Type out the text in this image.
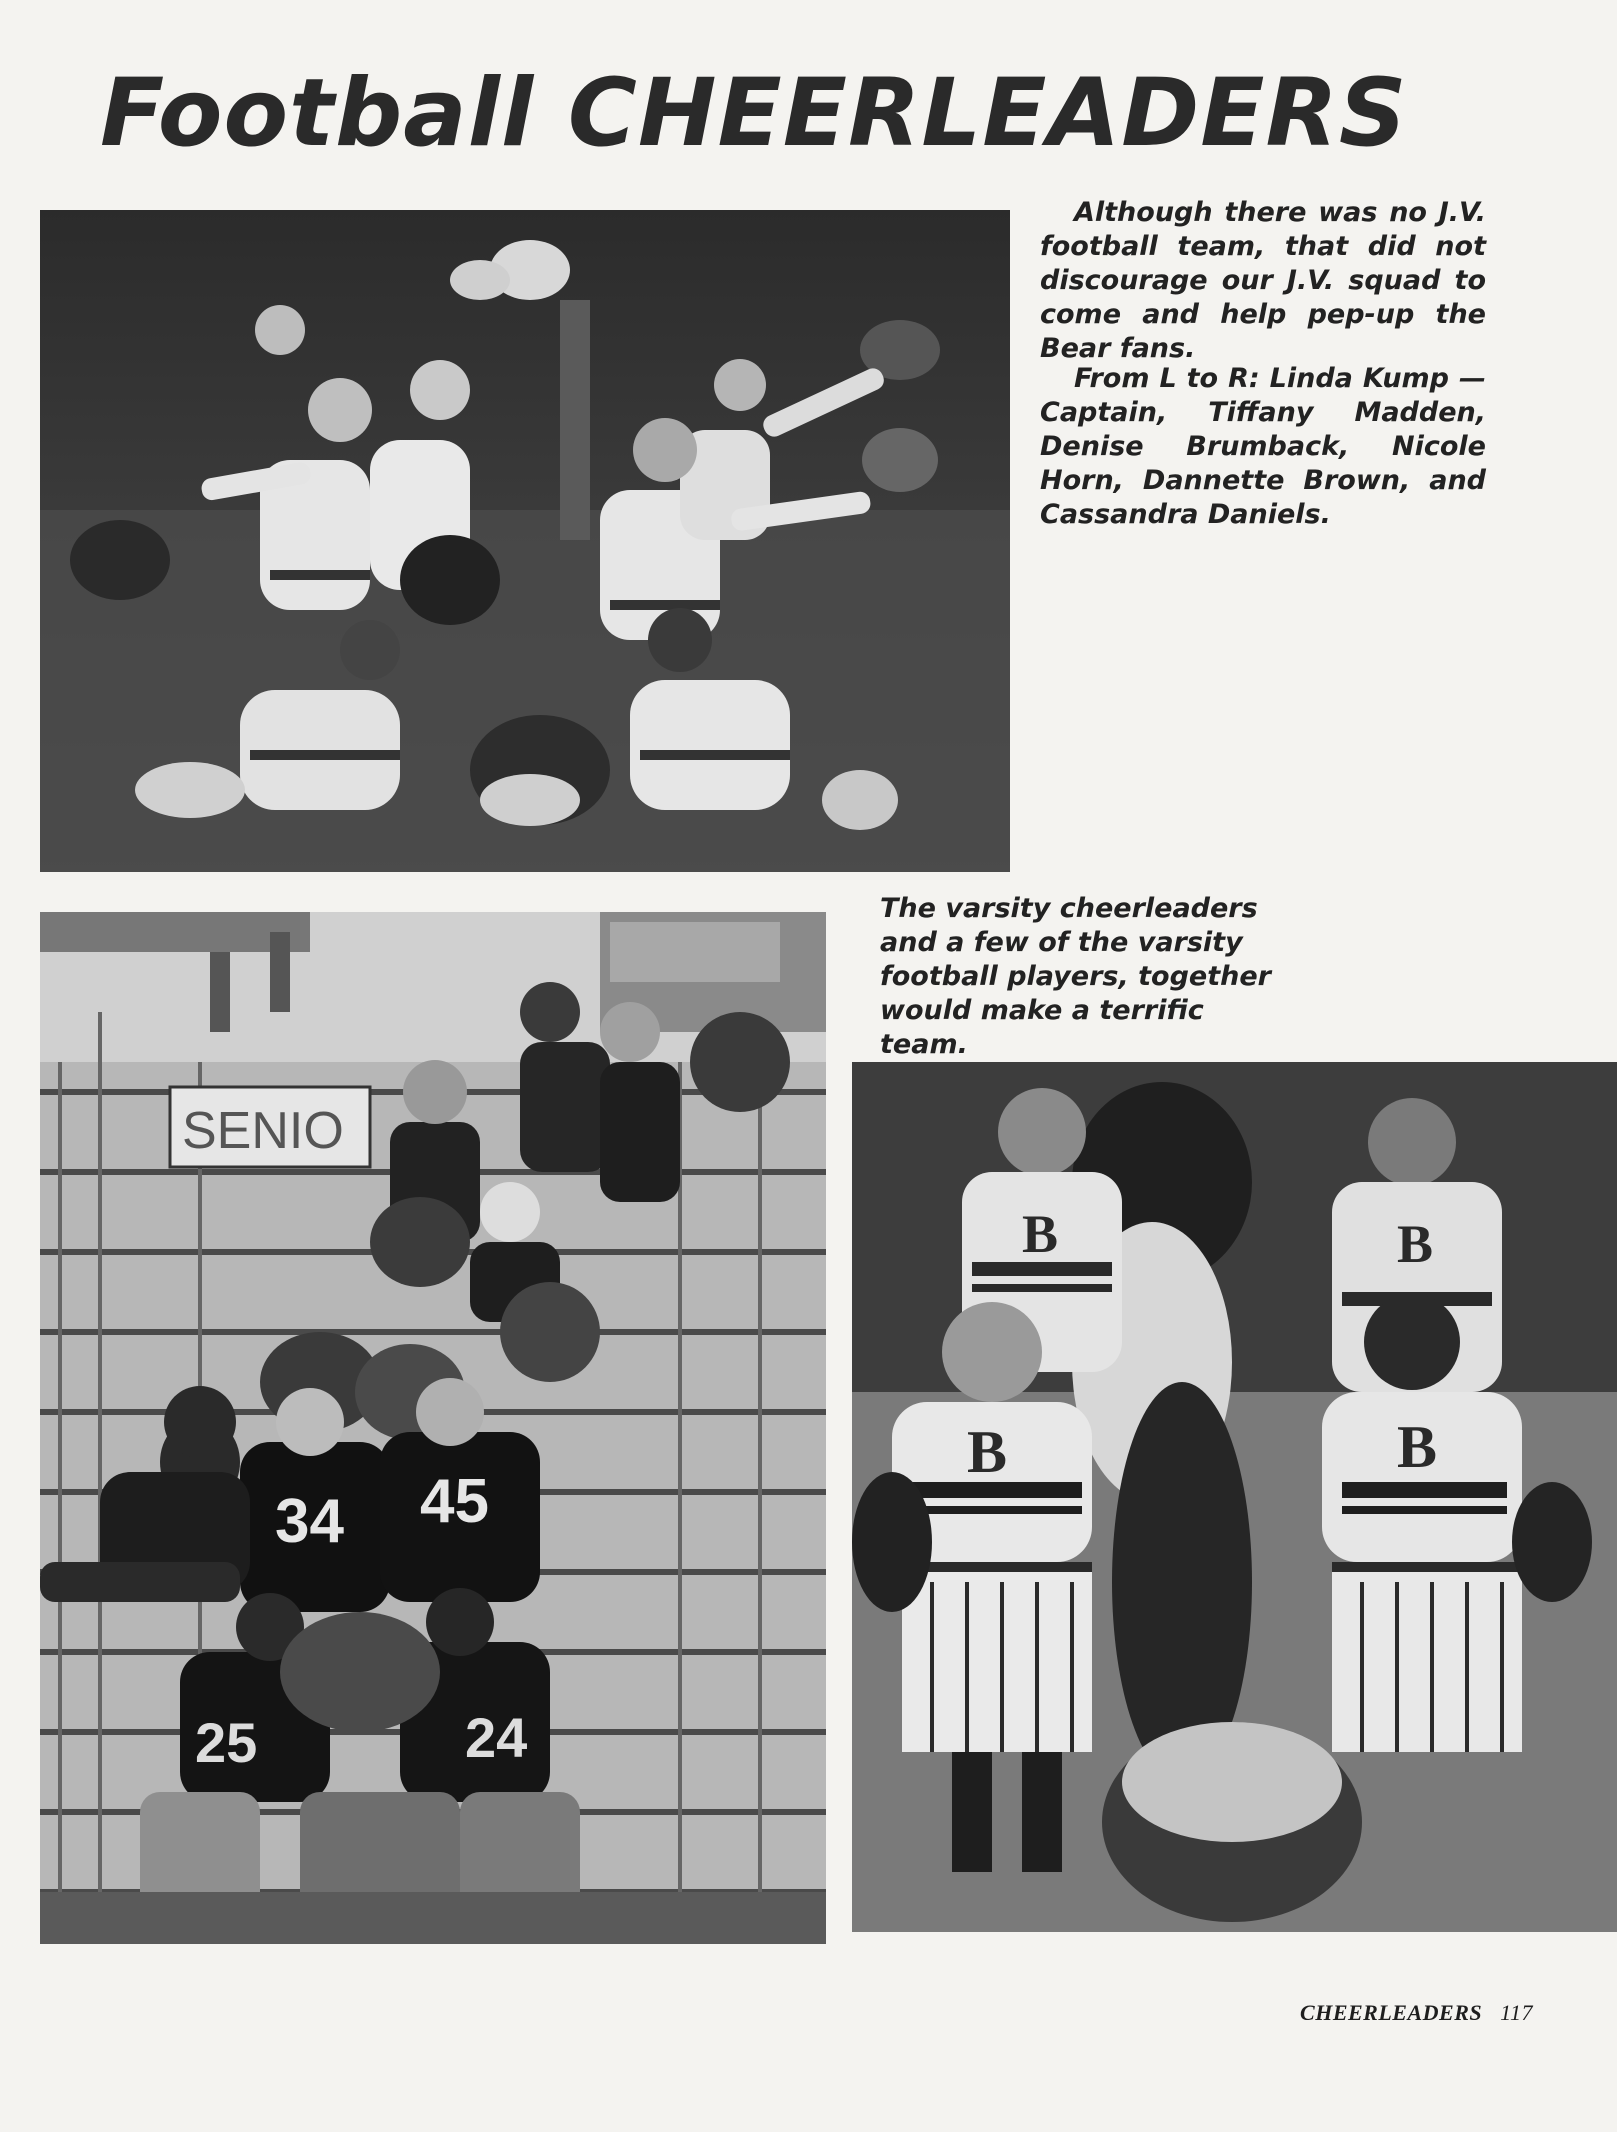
Football CHEERLEADERS

Although there was no J.V. football team, that did not discourage our J.V. squad to come and help pep-up the Bear fans.

From L to R: Linda Kump — Captain, Tiffany Madden, Denise Brumback, Nicole Horn, Dannette Brown, and Cassandra Daniels.

The varsity cheerleaders and a few of the varsity football players, together would make a terrific team.

SENIO
34 45
25	24
B	B
B	B
CHEERLEADERS 117
